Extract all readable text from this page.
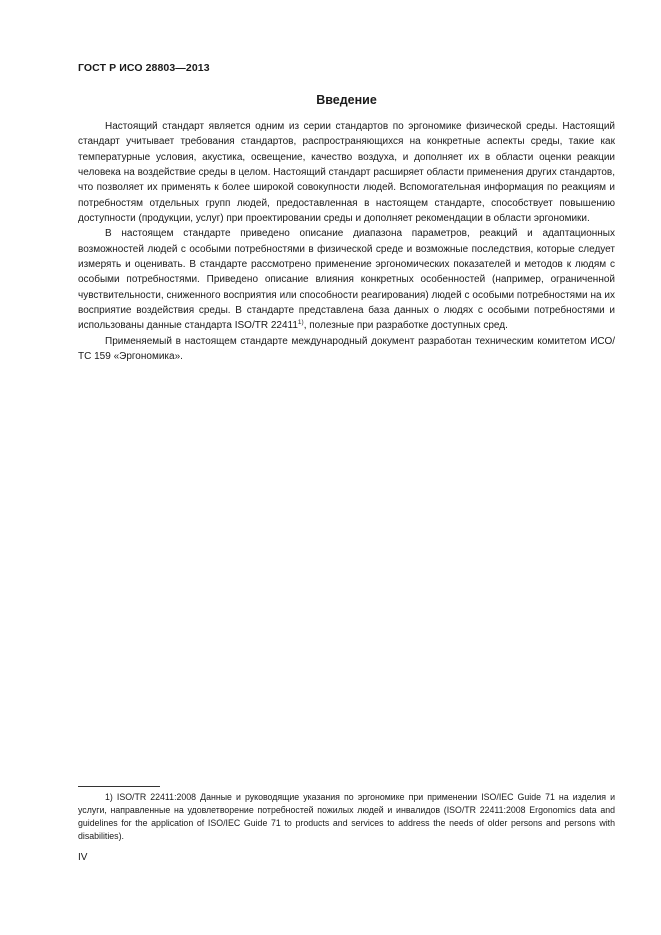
ГОСТ Р ИСО 28803—2013
Введение

Настоящий стандарт является одним из серии стандартов по эргономике физической среды. Настоящий стандарт учитывает требования стандартов, распространяющихся на конкретные аспекты среды, такие как температурные условия, акустика, освещение, качество воздуха, и дополняет их в области оценки реакции человека на воздействие среды в целом. Настоящий стандарт расширяет области применения других стандартов, что позволяет их применять к более широкой совокупности людей. Вспомогательная информация по реакциям и потребностям отдельных групп людей, предоставленная в настоящем стандарте, способствует повышению доступности (продукции, услуг) при проектировании среды и дополняет рекомендации в области эргономики.

В настоящем стандарте приведено описание диапазона параметров, реакций и адаптационных возможностей людей с особыми потребностями в физической среде и возможные последствия, которые следует измерять и оценивать. В стандарте рассмотрено применение эргономических показателей и методов к людям с особыми потребностями. Приведено описание влияния конкретных особенностей (например, ограниченной чувствительности, сниженного восприятия или способности реагирования) людей с особыми потребностями на их восприятие воздействия среды. В стандарте представлена база данных о людях с особыми потребностями и использованы данные стандарта ISO/TR 22411$^{1)}$, полезные при разработке доступных сред.

Применяемый в настоящем стандарте международный документ разработан техническим комитетом ИСО/ТС 159 «Эргономика».

1) ISO/TR 22411:2008 Данные и руководящие указания по эргономике при применении ISO/IEC Guide 71 на изделия и услуги, направленные на удовлетворение потребностей пожилых людей и инвалидов (ISO/TR 22411:2008 Ergonomics data and guidelines for the application of ISO/IEC Guide 71 to products and services to address the needs of older persons and persons with disabilities).

IV
